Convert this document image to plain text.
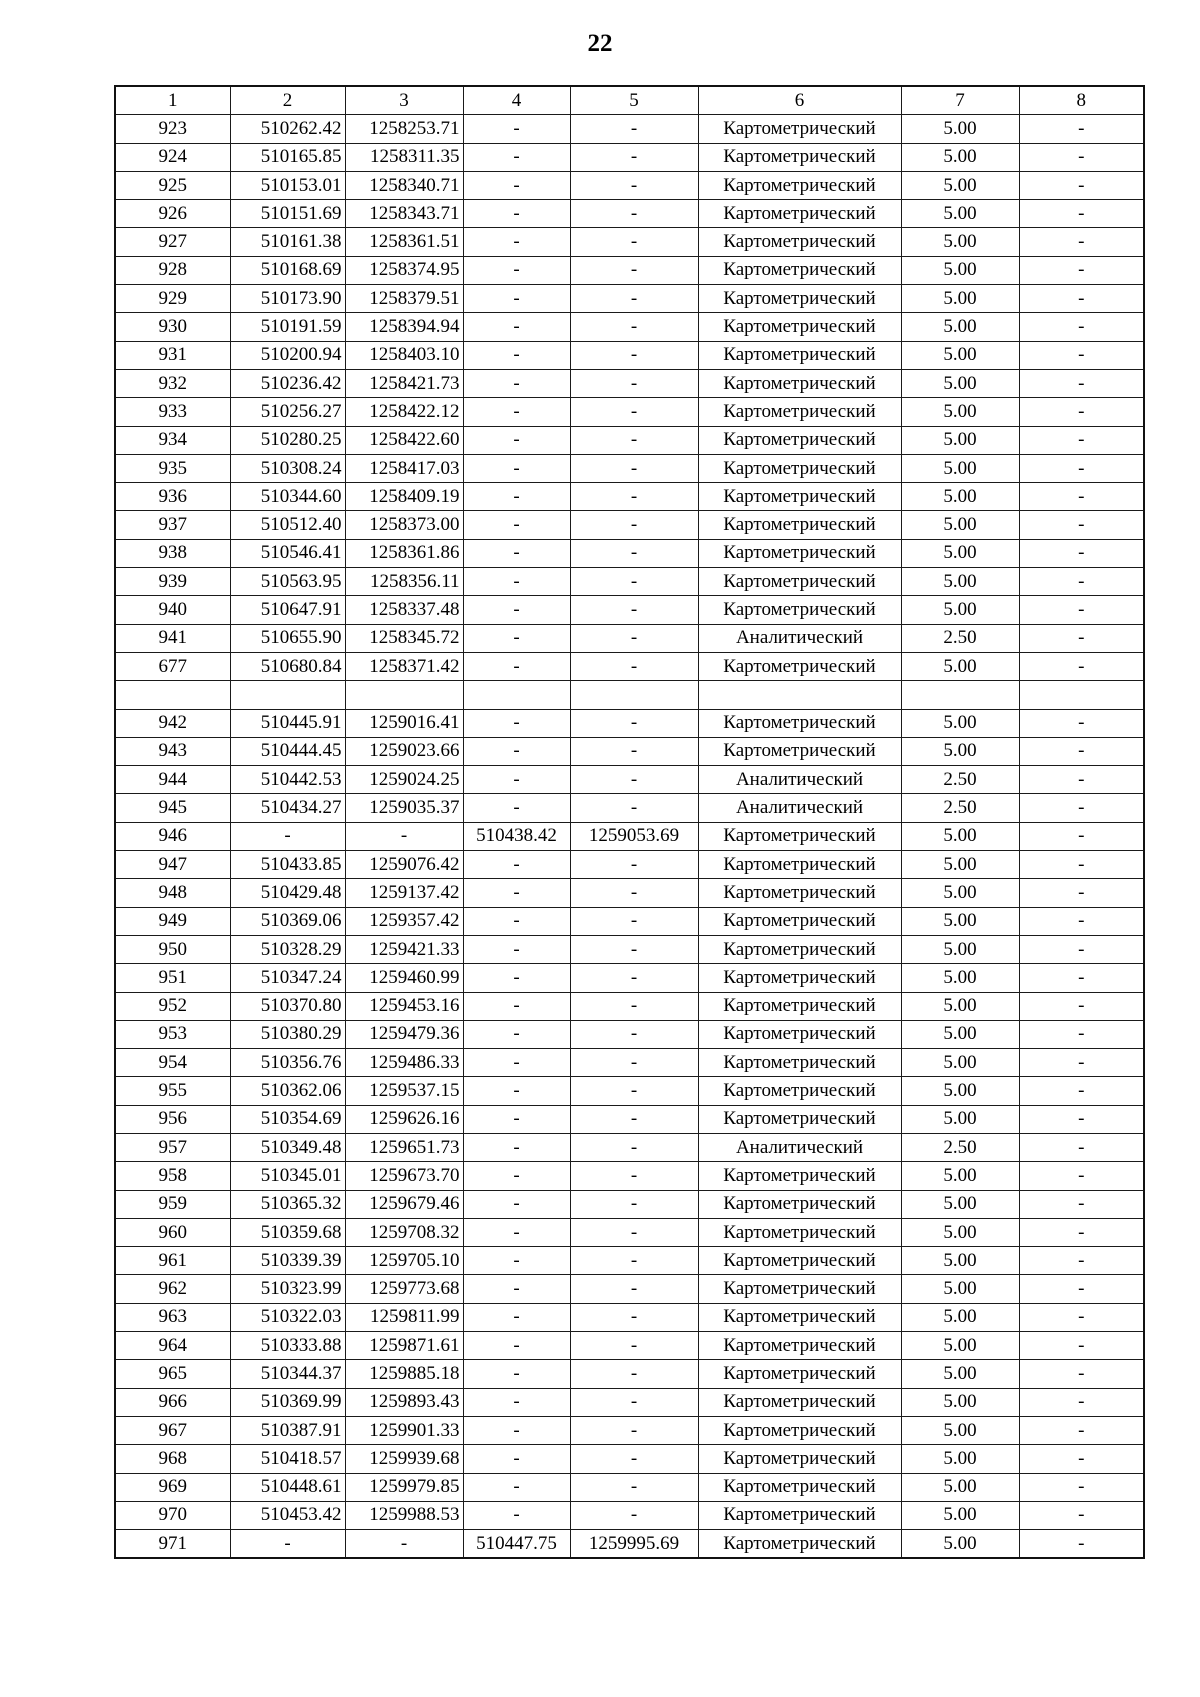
22
1	2	3	4	5	6	7	8
923	510262.42	1258253.71	-	-	Картометрический	5.00	-
924	510165.85	1258311.35	-	-	Картометрический	5.00	-
925	510153.01	1258340.71	-	-	Картометрический	5.00	-
926	510151.69	1258343.71	-	-	Картометрический	5.00	-
927	510161.38	1258361.51	-	-	Картометрический	5.00	-
928	510168.69	1258374.95	-	-	Картометрический	5.00	-
929	510173.90	1258379.51	-	-	Картометрический	5.00	-
930	510191.59	1258394.94	-	-	Картометрический	5.00	-
931	510200.94	1258403.10	-	-	Картометрический	5.00	-
932	510236.42	1258421.73	-	-	Картометрический	5.00	-
933	510256.27	1258422.12	-	-	Картометрический	5.00	-
934	510280.25	1258422.60	-	-	Картометрический	5.00	-
935	510308.24	1258417.03	-	-	Картометрический	5.00	-
936	510344.60	1258409.19	-	-	Картометрический	5.00	-
937	510512.40	1258373.00	-	-	Картометрический	5.00	-
938	510546.41	1258361.86	-	-	Картометрический	5.00	-
939	510563.95	1258356.11	-	-	Картометрический	5.00	-
940	510647.91	1258337.48	-	-	Картометрический	5.00	-
941	510655.90	1258345.72	-	-	Аналитический	2.50	-
677	510680.84	1258371.42	-	-	Картометрический	5.00	-

942	510445.91	1259016.41	-	-	Картометрический	5.00	-
943	510444.45	1259023.66	-	-	Картометрический	5.00	-
944	510442.53	1259024.25	-	-	Аналитический	2.50	-
945	510434.27	1259035.37	-	-	Аналитический	2.50	-
946	-	-	510438.42	1259053.69	Картометрический	5.00	-
947	510433.85	1259076.42	-	-	Картометрический	5.00	-
948	510429.48	1259137.42	-	-	Картометрический	5.00	-
949	510369.06	1259357.42	-	-	Картометрический	5.00	-
950	510328.29	1259421.33	-	-	Картометрический	5.00	-
951	510347.24	1259460.99	-	-	Картометрический	5.00	-
952	510370.80	1259453.16	-	-	Картометрический	5.00	-
953	510380.29	1259479.36	-	-	Картометрический	5.00	-
954	510356.76	1259486.33	-	-	Картометрический	5.00	-
955	510362.06	1259537.15	-	-	Картометрический	5.00	-
956	510354.69	1259626.16	-	-	Картометрический	5.00	-
957	510349.48	1259651.73	-	-	Аналитический	2.50	-
958	510345.01	1259673.70	-	-	Картометрический	5.00	-
959	510365.32	1259679.46	-	-	Картометрический	5.00	-
960	510359.68	1259708.32	-	-	Картометрический	5.00	-
961	510339.39	1259705.10	-	-	Картометрический	5.00	-
962	510323.99	1259773.68	-	-	Картометрический	5.00	-
963	510322.03	1259811.99	-	-	Картометрический	5.00	-
964	510333.88	1259871.61	-	-	Картометрический	5.00	-
965	510344.37	1259885.18	-	-	Картометрический	5.00	-
966	510369.99	1259893.43	-	-	Картометрический	5.00	-
967	510387.91	1259901.33	-	-	Картометрический	5.00	-
968	510418.57	1259939.68	-	-	Картометрический	5.00	-
969	510448.61	1259979.85	-	-	Картометрический	5.00	-
970	510453.42	1259988.53	-	-	Картометрический	5.00	-
971	-	-	510447.75	1259995.69	Картометрический	5.00	-
